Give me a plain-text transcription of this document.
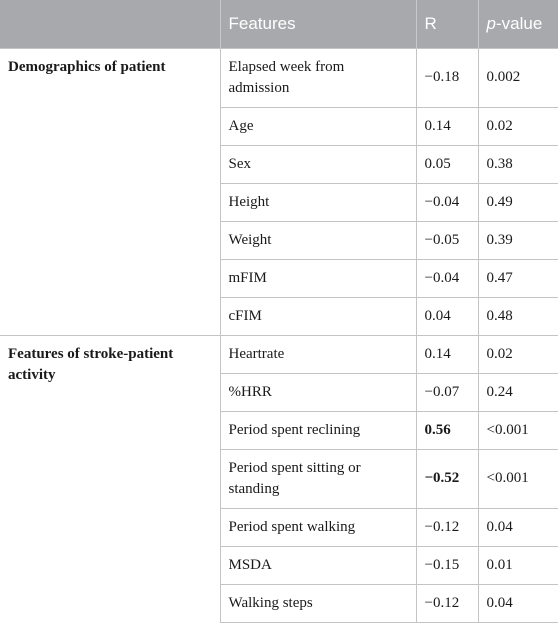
	Features	R	p-value
Demographics of patient	Elapsed week from admission	−0.18	0.002
	Age	0.14	0.02
	Sex	0.05	0.38
	Height	−0.04	0.49
	Weight	−0.05	0.39
	mFIM	−0.04	0.47
	cFIM	0.04	0.48
Features of stroke-patient activity	Heartrate	0.14	0.02
	%HRR	−0.07	0.24
	Period spent reclining	0.56	<0.001
	Period spent sitting or standing	−0.52	<0.001
	Period spent walking	−0.12	0.04
	MSDA	−0.15	0.01
	Walking steps	−0.12	0.04
